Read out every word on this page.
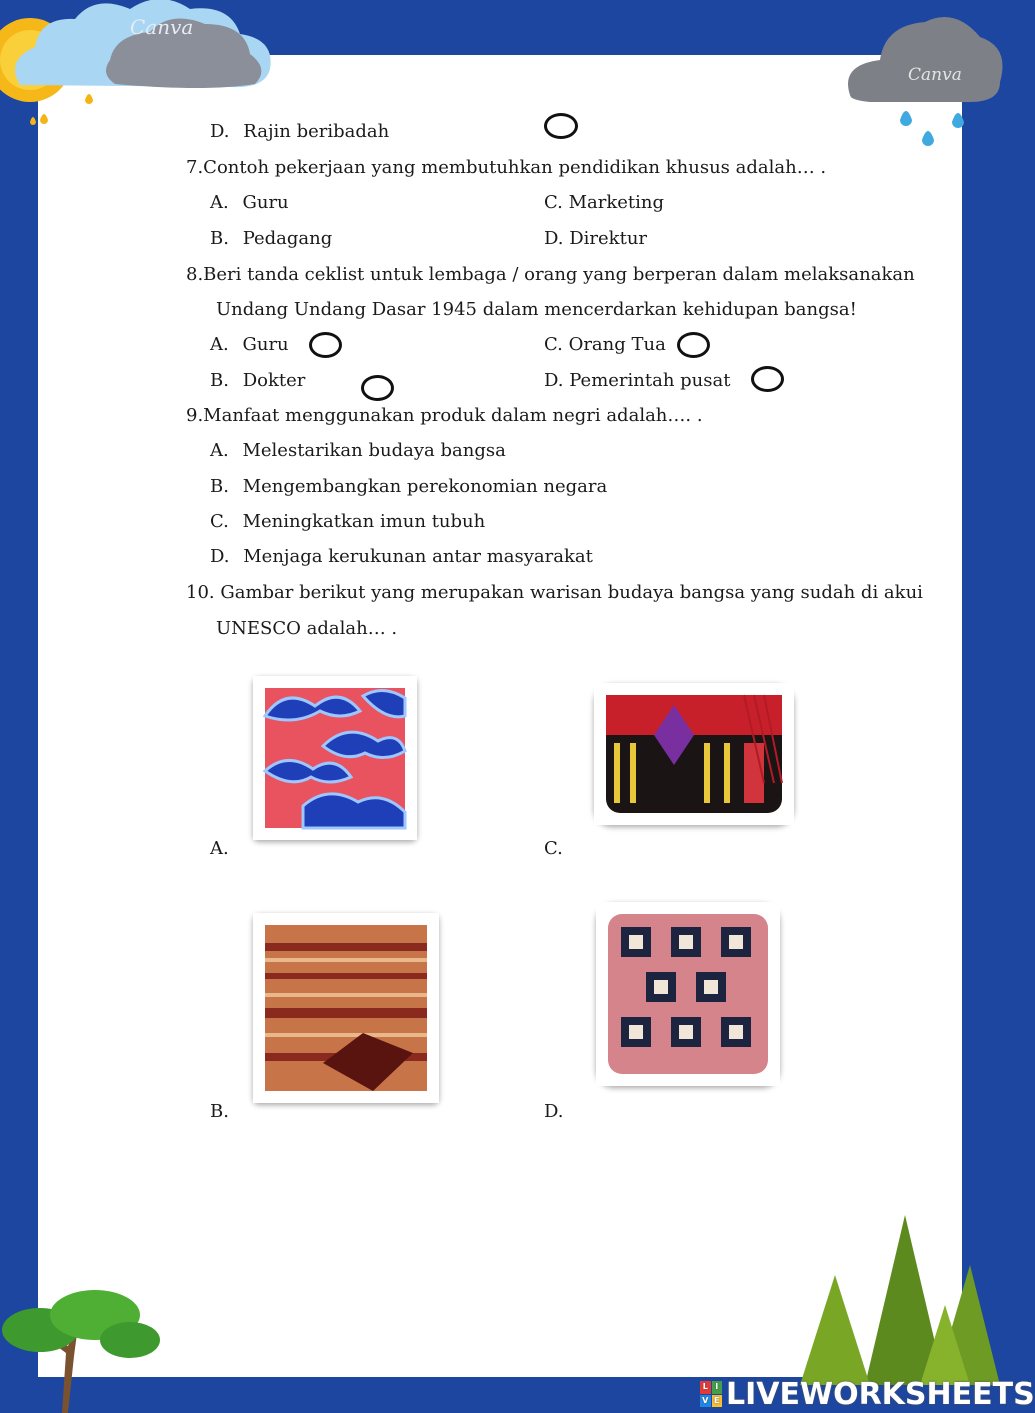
Canva
Canva
D. Rajin beribadah
7.Contoh pekerjaan yang membutuhkan pendidikan khusus adalah… .
A. Guru
B. Pedagang
C. Marketing
D. Direktur
8.Beri tanda ceklist untuk lembaga / orang yang berperan dalam melaksanakan
Undang Undang Dasar 1945 dalam mencerdarkan kehidupan bangsa!
A. Guru
B. Dokter
C. Orang Tua
D. Pemerintah pusat
9.Manfaat menggunakan produk dalam negri adalah…. .
A. Melestarikan budaya bangsa
B. Mengembangkan perekonomian negara
C. Meningkatkan imun tubuh
D. Menjaga kerukunan antar masyarakat
10. Gambar berikut yang merupakan warisan budaya bangsa yang sudah di akui
UNESCO adalah… .
A.	C.
B.	D.
L I
V E LIVEWORKSHEETS
